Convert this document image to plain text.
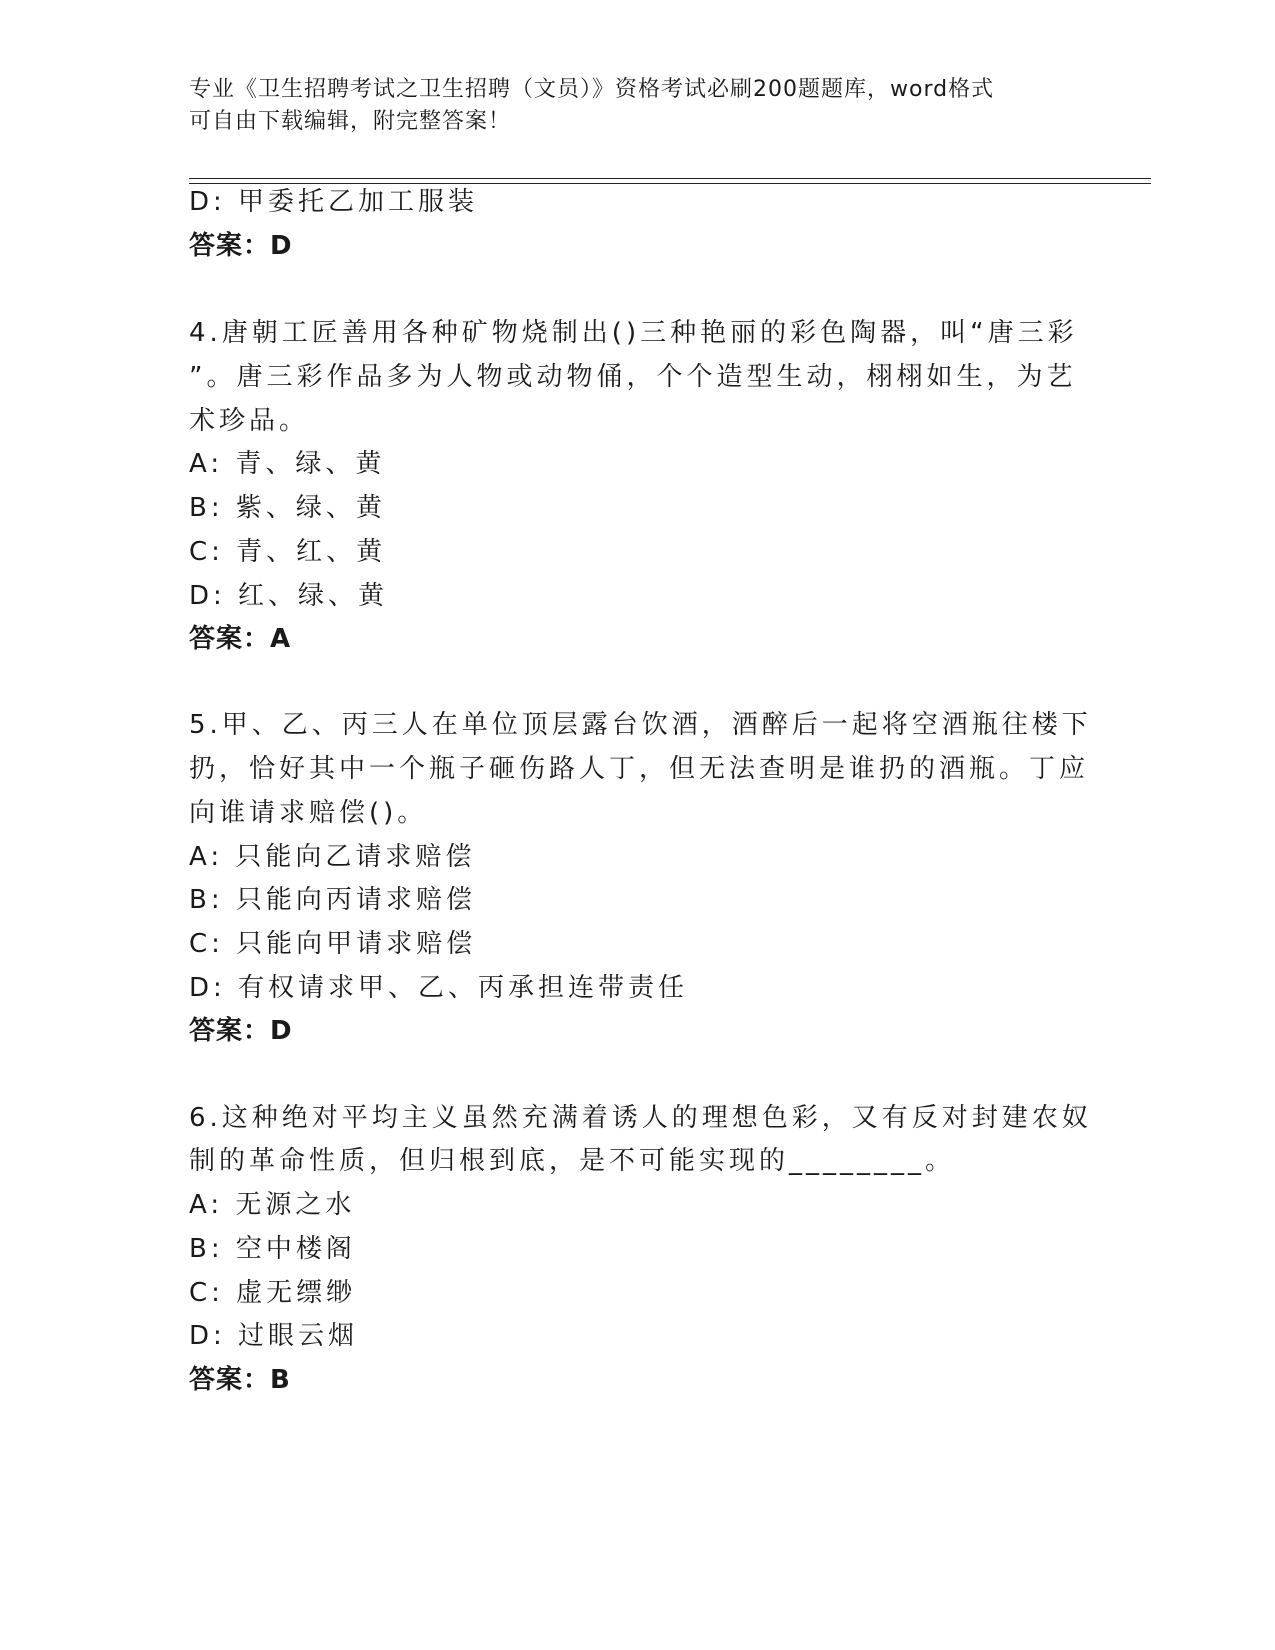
专业《卫生招聘考试之卫生招聘（文员）》资格考试必刷200题题库，word格式
可自由下载编辑，附完整答案！
D: 甲委托乙加工服装
答案：D
4.唐朝工匠善用各种矿物烧制出()三种艳丽的彩色陶器，叫“唐三彩
”。唐三彩作品多为人物或动物俑，个个造型生动，栩栩如生，为艺
术珍品。
A: 青、绿、黄
B: 紫、绿、黄
C: 青、红、黄
D: 红、绿、黄
答案：A
5.甲、乙、丙三人在单位顶层露台饮酒，酒醉后一起将空酒瓶往楼下
扔，恰好其中一个瓶子砸伤路人丁，但无法查明是谁扔的酒瓶。丁应
向谁请求赔偿()。
A: 只能向乙请求赔偿
B: 只能向丙请求赔偿
C: 只能向甲请求赔偿
D: 有权请求甲、乙、丙承担连带责任
答案：D
6.这种绝对平均主义虽然充满着诱人的理想色彩，又有反对封建农奴
制的革命性质，但归根到底，是不可能实现的________。
A: 无源之水
B: 空中楼阁
C: 虚无缥缈
D: 过眼云烟
答案：B
